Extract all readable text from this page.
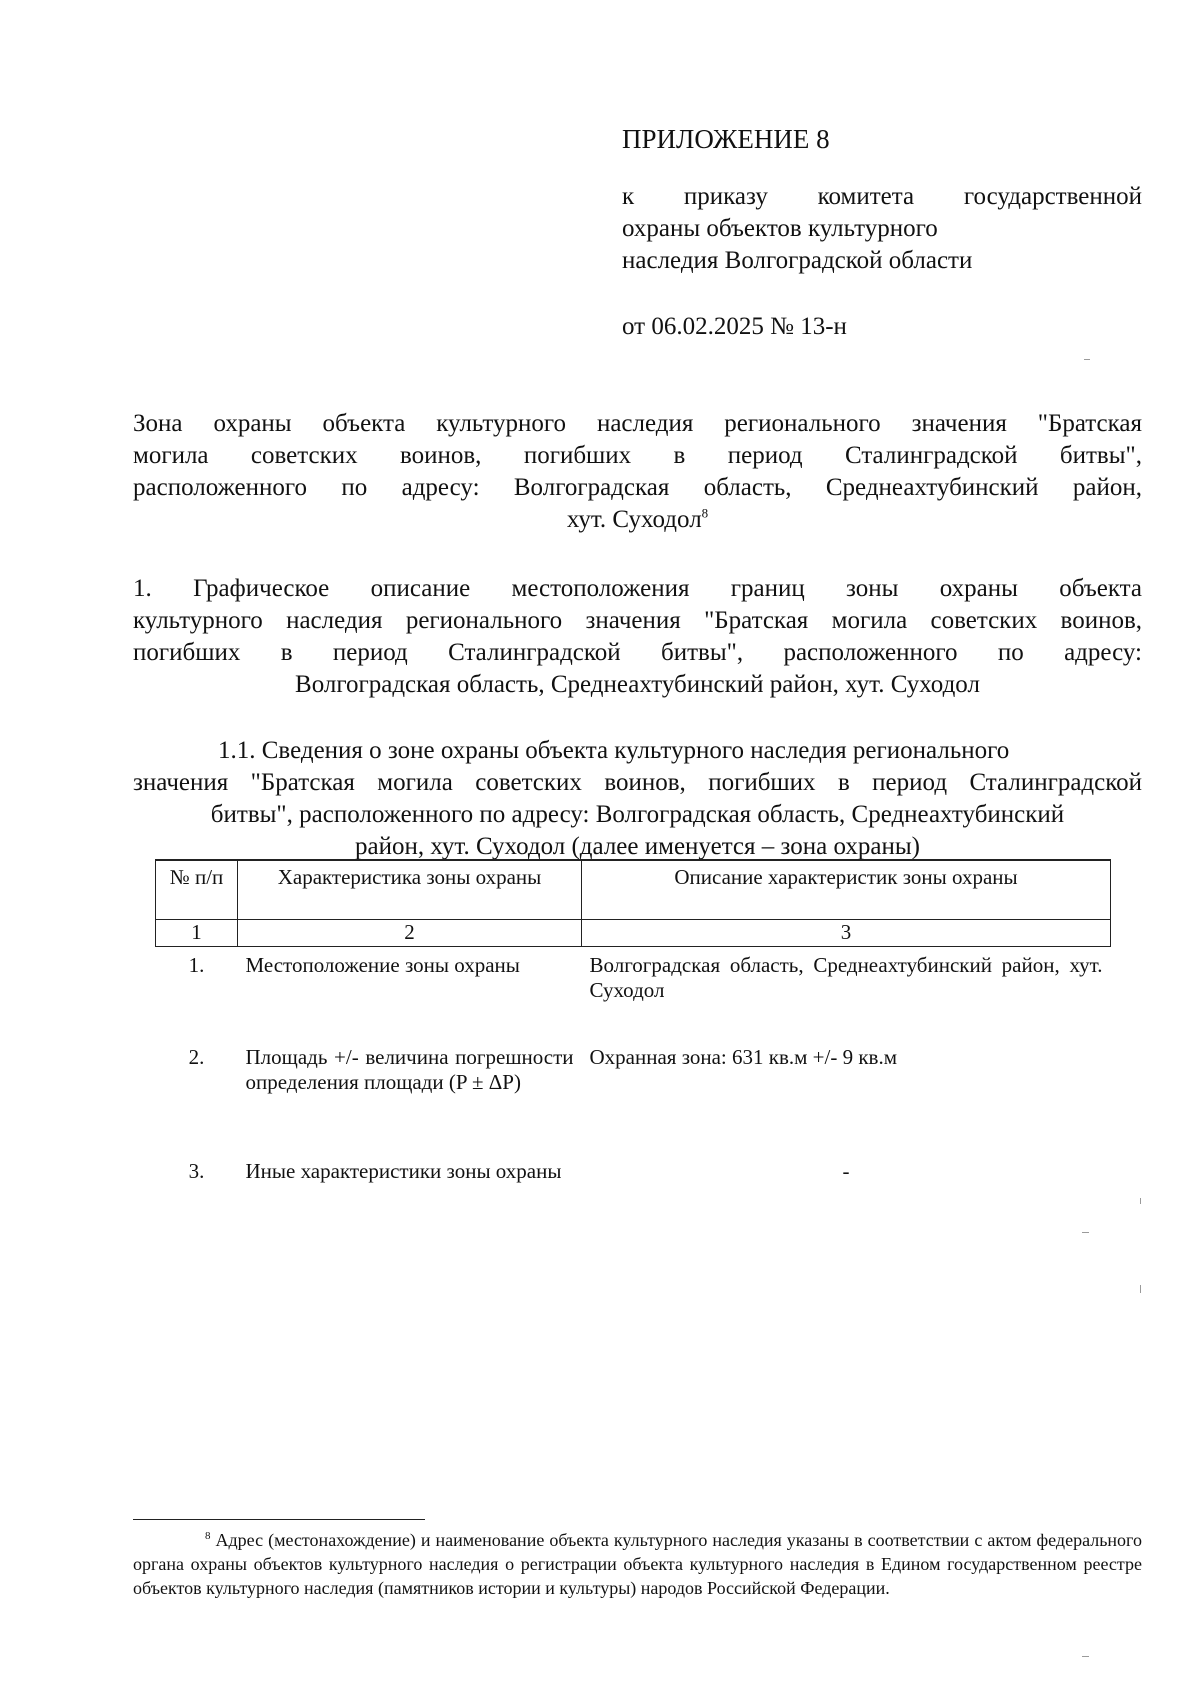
ПРИЛОЖЕНИЕ 8
к приказу комитета государственной
охраны объектов культурного
наследия Волгоградской области
от 06.02.2025 № 13-н
Зона охраны объекта культурного наследия регионального значения "Братская
могила советских воинов, погибших в период Сталинградской битвы",
расположенного по адресу: Волгоградская область, Среднеахтубинский район,
хут. Суходол$^8$
1. Графическое описание местоположения границ зоны охраны объекта
культурного наследия регионального значения "Братская могила советских воинов,
погибших в период Сталинградской битвы", расположенного по адресу:
Волгоградская область, Среднеахтубинский район, хут. Суходол
1.1. Сведения о зоне охраны объекта культурного наследия регионального
значения "Братская могила советских воинов, погибших в период Сталинградской
битвы", расположенного по адресу: Волгоградская область, Среднеахтубинский
район, хут. Суходол (далее именуется – зона охраны)
№ п/п	Характеристика зоны охраны	Описание характеристик зоны охраны
1	2	3
1.	Местоположение зоны охраны	Волгоградская область, Среднеахтубинский район, хут. Суходол
2.	Площадь +/- величина погрешности определения площади (P ± ΔP)	Охранная зона: 631 кв.м +/- 9 кв.м
3.	Иные характеристики зоны охраны	-
$^8$ Адрес (местонахождение) и наименование объекта культурного наследия указаны в соответствии с актом федерального органа охраны объектов культурного наследия о регистрации объекта культурного наследия в Едином государственном реестре объектов культурного наследия (памятников истории и культуры) народов Российской Федерации.
